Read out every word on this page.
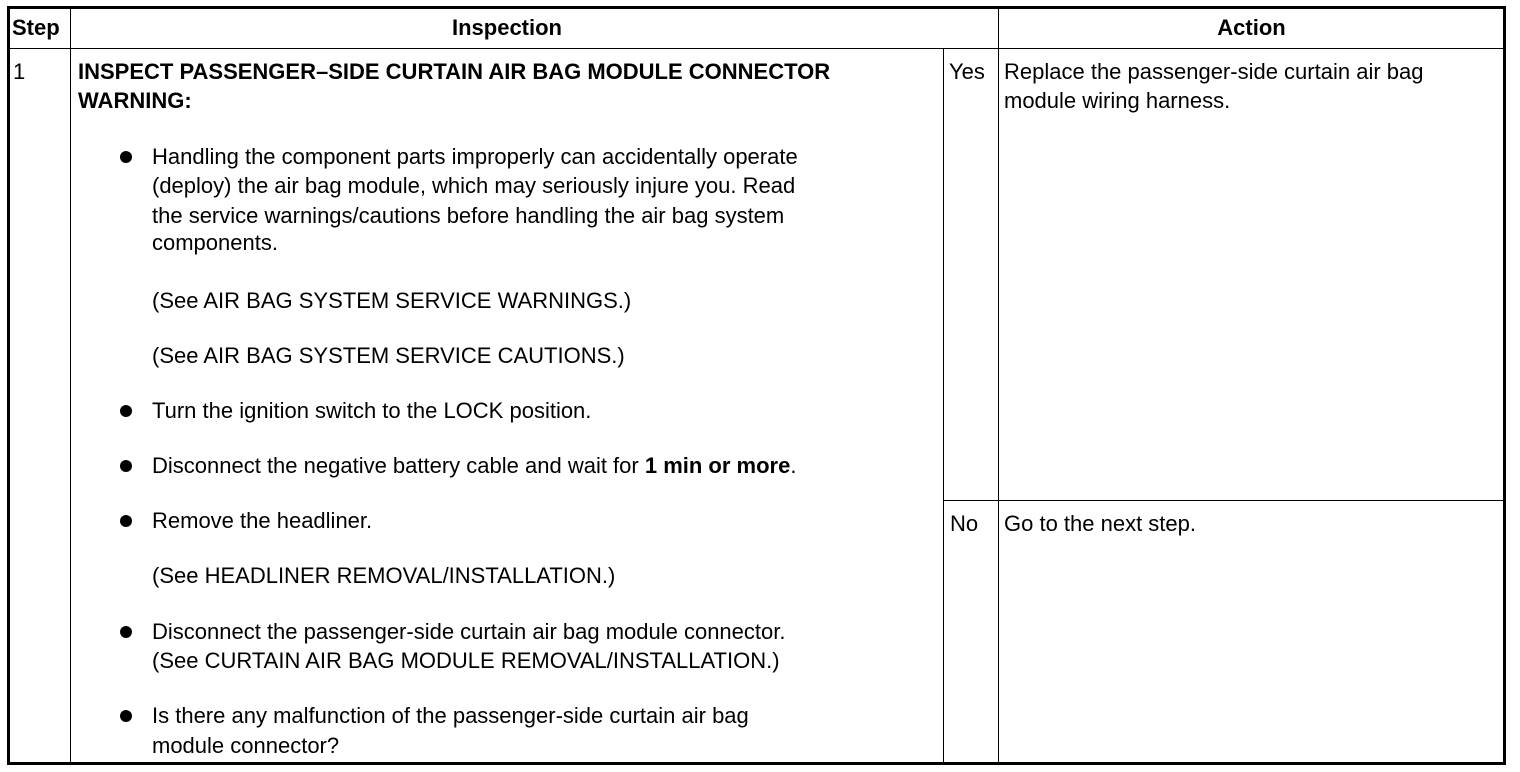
Step	Inspection	Action
1 INSPECT PASSENGER–SIDE CURTAIN AIR BAG MODULE CONNECTOR
WARNING:
Handling the component parts improperly can accidentally operate
(deploy) the air bag module, which may seriously injure you. Read
the service warnings/cautions before handling the air bag system
components.
(See AIR BAG SYSTEM SERVICE WARNINGS.)
(See AIR BAG SYSTEM SERVICE CAUTIONS.)
Turn the ignition switch to the LOCK position.
Disconnect the negative battery cable and wait for 1 min or more.
Remove the headliner.
(See HEADLINER REMOVAL/INSTALLATION.)
Disconnect the passenger-side curtain air bag module connector.
(See CURTAIN AIR BAG MODULE REMOVAL/INSTALLATION.)
Is there any malfunction of the passenger-side curtain air bag
module connector?
Yes Replace the passenger-side curtain air bag
module wiring harness.
No Go to the next step.
